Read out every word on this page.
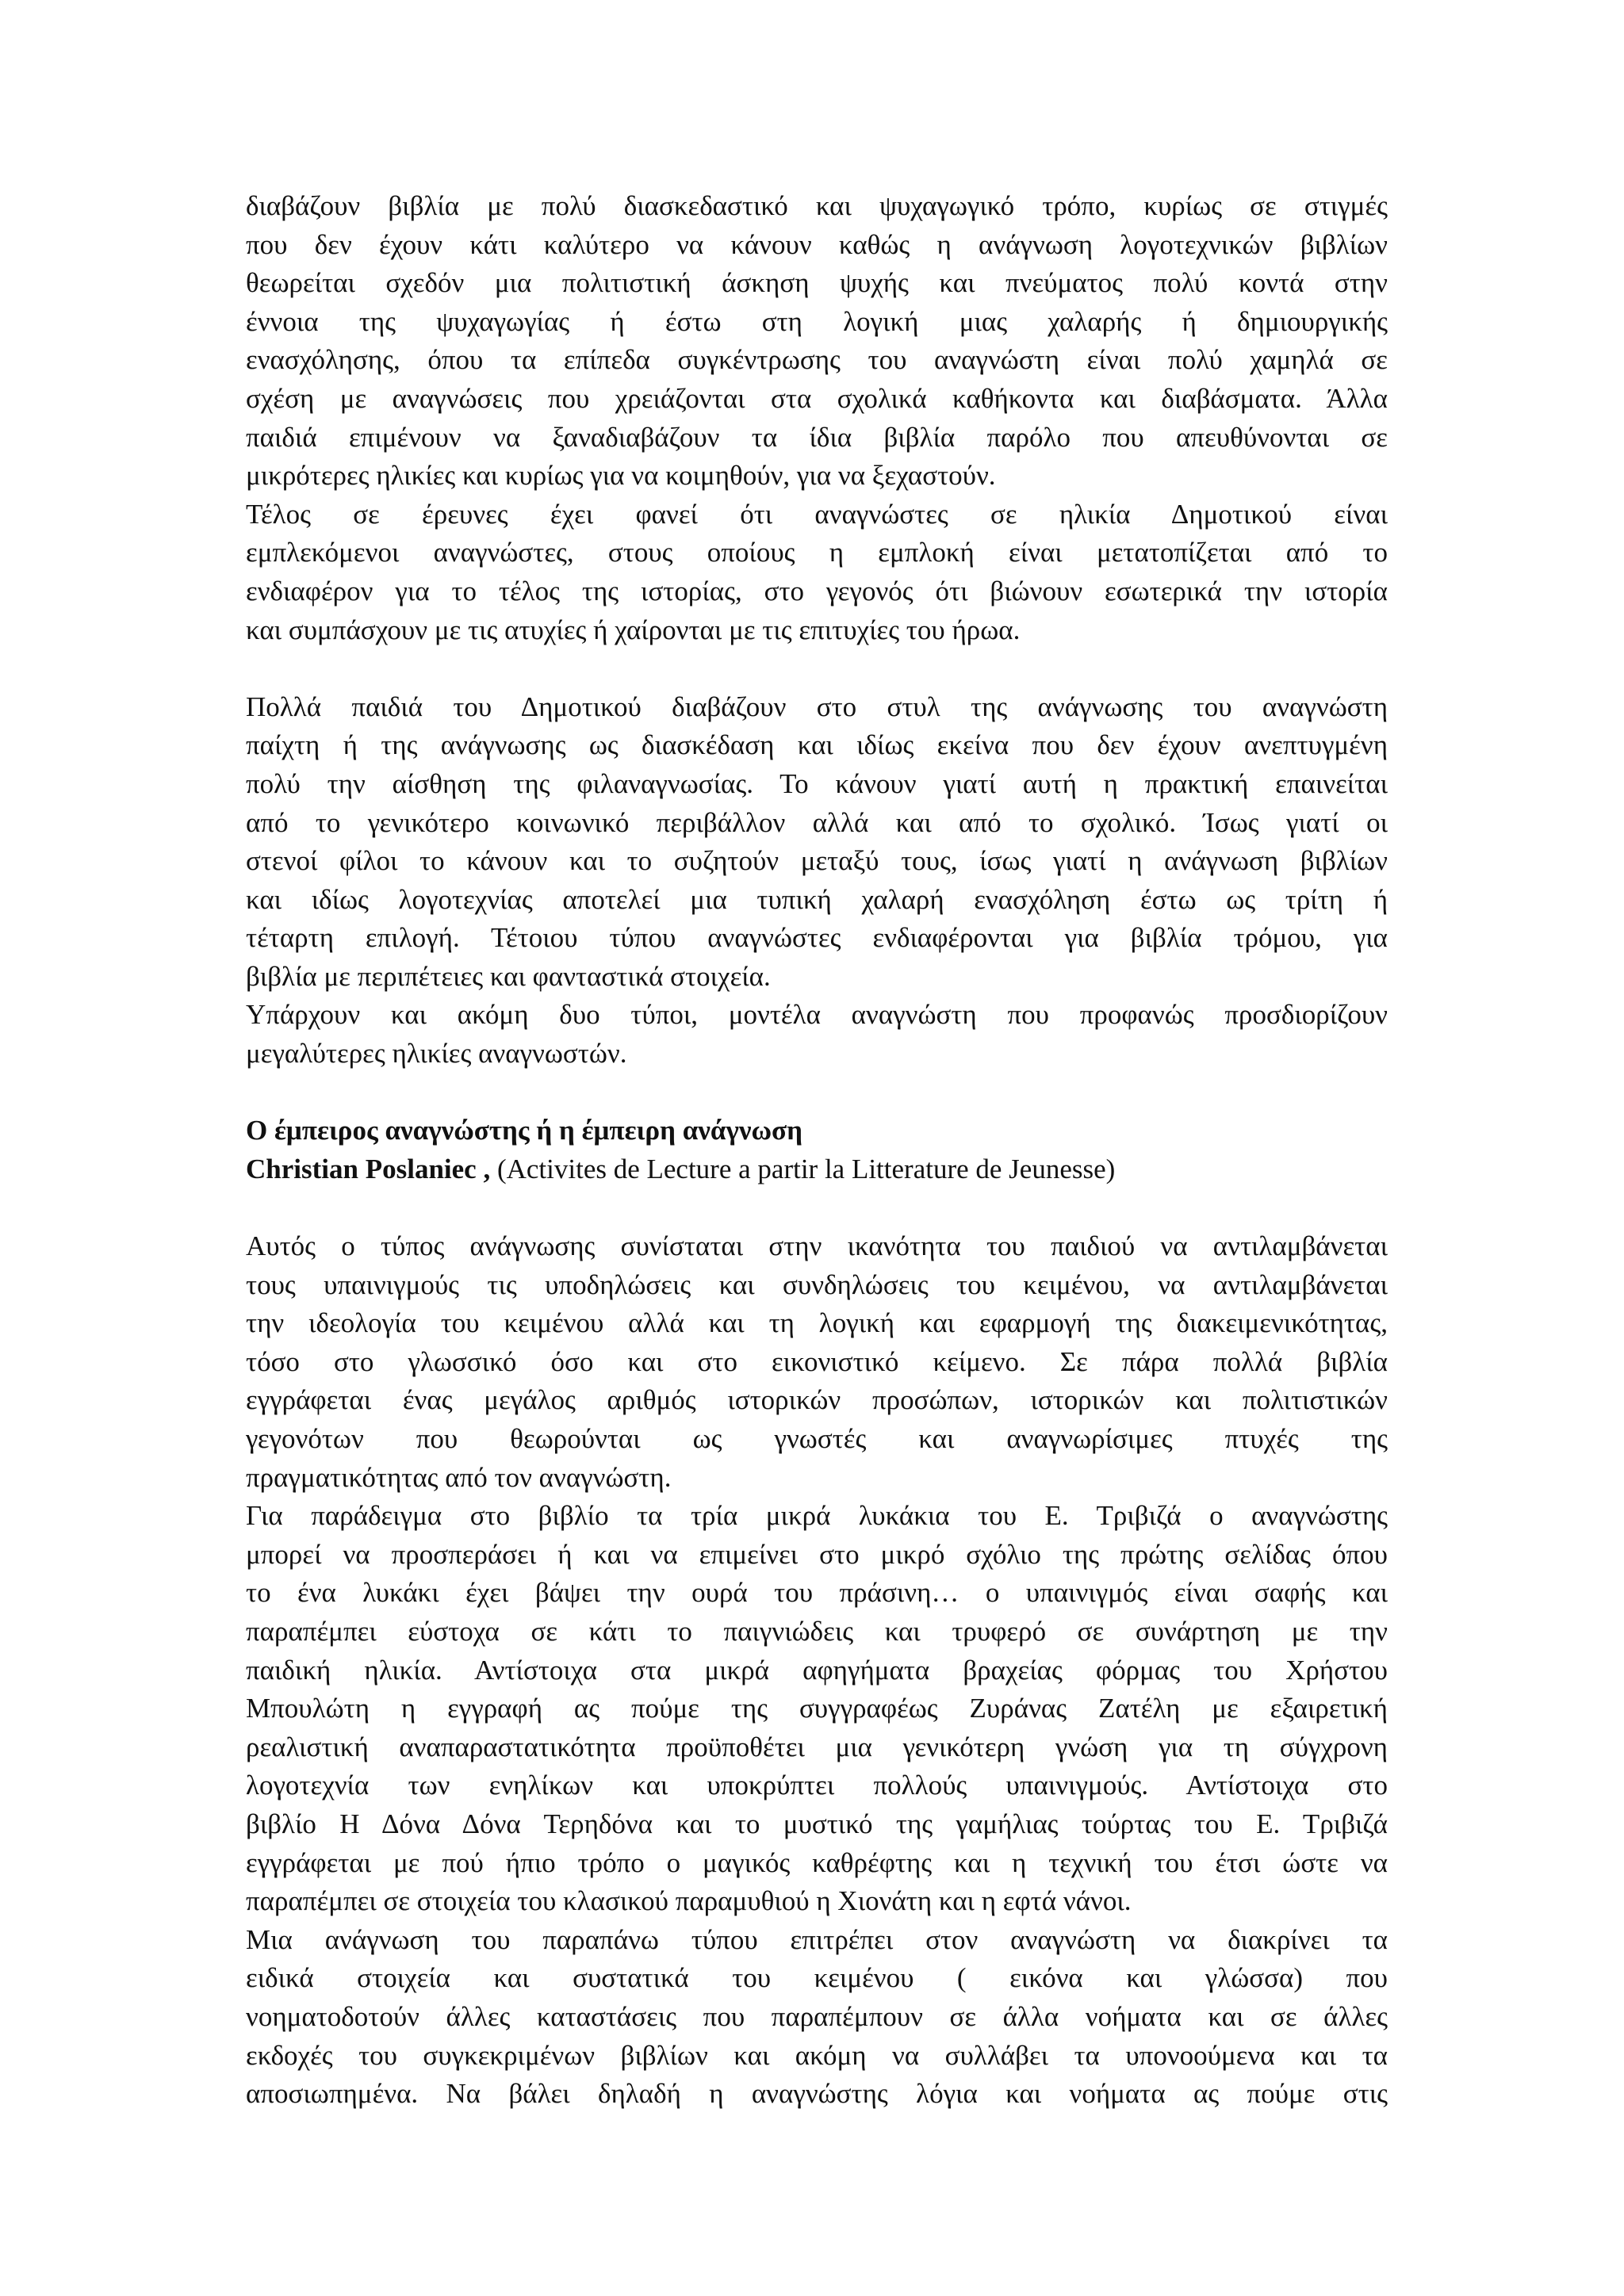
διαβάζουν βιβλία με πολύ διασκεδαστικό και ψυχαγωγικό τρόπο, κυρίως σε στιγμές
που δεν έχουν κάτι καλύτερο να κάνουν καθώς η ανάγνωση λογοτεχνικών βιβλίων
θεωρείται σχεδόν μια πολιτιστική άσκηση ψυχής και πνεύματος πολύ κοντά στην
έννοια της ψυχαγωγίας ή έστω στη λογική μιας χαλαρής ή δημιουργικής
ενασχόλησης, όπου τα επίπεδα συγκέντρωσης του αναγνώστη είναι πολύ χαμηλά σε
σχέση με αναγνώσεις που χρειάζονται στα σχολικά καθήκοντα και διαβάσματα. Άλλα
παιδιά επιμένουν να ξαναδιαβάζουν τα ίδια βιβλία παρόλο που απευθύνονται σε
μικρότερες ηλικίες και κυρίως για να κοιμηθούν, για να ξεχαστούν.
Τέλος σε έρευνες έχει φανεί ότι αναγνώστες σε ηλικία Δημοτικού είναι
εμπλεκόμενοι αναγνώστες, στους οποίους η εμπλοκή είναι μετατοπίζεται από το
ενδιαφέρον για το τέλος της ιστορίας, στο γεγονός ότι βιώνουν εσωτερικά την ιστορία
και συμπάσχουν με τις ατυχίες ή χαίρονται με τις επιτυχίες του ήρωα.
Πολλά παιδιά του Δημοτικού διαβάζουν στο στυλ της ανάγνωσης του αναγνώστη
παίχτη ή της ανάγνωσης ως διασκέδαση και ιδίως εκείνα που δεν έχουν ανεπτυγμένη
πολύ την αίσθηση της φιλαναγνωσίας. Το κάνουν γιατί αυτή η πρακτική επαινείται
από το γενικότερο κοινωνικό περιβάλλον αλλά και από το σχολικό. Ίσως γιατί οι
στενοί φίλοι το κάνουν και το συζητούν μεταξύ τους, ίσως γιατί η ανάγνωση βιβλίων
και ιδίως λογοτεχνίας αποτελεί μια τυπική χαλαρή ενασχόληση έστω ως τρίτη ή
τέταρτη επιλογή. Τέτοιου τύπου αναγνώστες ενδιαφέρονται για βιβλία τρόμου, για
βιβλία με περιπέτειες και φανταστικά στοιχεία.
Υπάρχουν και ακόμη δυο τύποι, μοντέλα αναγνώστη που προφανώς προσδιορίζουν
μεγαλύτερες ηλικίες αναγνωστών.
Ο έμπειρος αναγνώστης ή η έμπειρη ανάγνωση
Christian Poslaniec , (Activites de Lecture a partir la Litterature de Jeunesse)
Αυτός ο τύπος ανάγνωσης συνίσταται στην ικανότητα του παιδιού να αντιλαμβάνεται
τους υπαινιγμούς τις υποδηλώσεις και συνδηλώσεις του κειμένου, να αντιλαμβάνεται
την ιδεολογία του κειμένου αλλά και τη λογική και εφαρμογή της διακειμενικότητας,
τόσο στο γλωσσικό όσο και στο εικονιστικό κείμενο. Σε πάρα πολλά βιβλία
εγγράφεται ένας μεγάλος αριθμός ιστορικών προσώπων, ιστορικών και πολιτιστικών
γεγονότων που θεωρούνται ως γνωστές και αναγνωρίσιμες πτυχές της
πραγματικότητας από τον αναγνώστη.
Για παράδειγμα στο βιβλίο τα τρία μικρά λυκάκια του Ε. Τριβιζά ο αναγνώστης
μπορεί να προσπεράσει ή και να επιμείνει στο μικρό σχόλιο της πρώτης σελίδας όπου
το ένα λυκάκι έχει βάψει την ουρά του πράσινη… ο υπαινιγμός είναι σαφής και
παραπέμπει εύστοχα σε κάτι το παιγνιώδεις και τρυφερό σε συνάρτηση με την
παιδική ηλικία. Αντίστοιχα στα μικρά αφηγήματα βραχείας φόρμας του Χρήστου
Μπουλώτη η εγγραφή ας πούμε της συγγραφέως Ζυράνας Ζατέλη με εξαιρετική
ρεαλιστική αναπαραστατικότητα προϋποθέτει μια γενικότερη γνώση για τη σύγχρονη
λογοτεχνία των ενηλίκων και υποκρύπτει πολλούς υπαινιγμούς. Αντίστοιχα στο
βιβλίο Η Δόνα Δόνα Τερηδόνα και το μυστικό της γαμήλιας τούρτας του Ε. Τριβιζά
εγγράφεται με πού ήπιο τρόπο ο μαγικός καθρέφτης και η τεχνική του έτσι ώστε να
παραπέμπει σε στοιχεία του κλασικού παραμυθιού η Χιονάτη και η εφτά νάνοι.
Μια ανάγνωση του παραπάνω τύπου επιτρέπει στον αναγνώστη να διακρίνει τα
ειδικά στοιχεία και συστατικά του κειμένου ( εικόνα και γλώσσα) που
νοηματοδοτούν άλλες καταστάσεις που παραπέμπουν σε άλλα νοήματα και σε άλλες
εκδοχές του συγκεκριμένων βιβλίων και ακόμη να συλλάβει τα υπονοούμενα και τα
αποσιωπημένα. Να βάλει δηλαδή η αναγνώστης λόγια και νοήματα ας πούμε στις
